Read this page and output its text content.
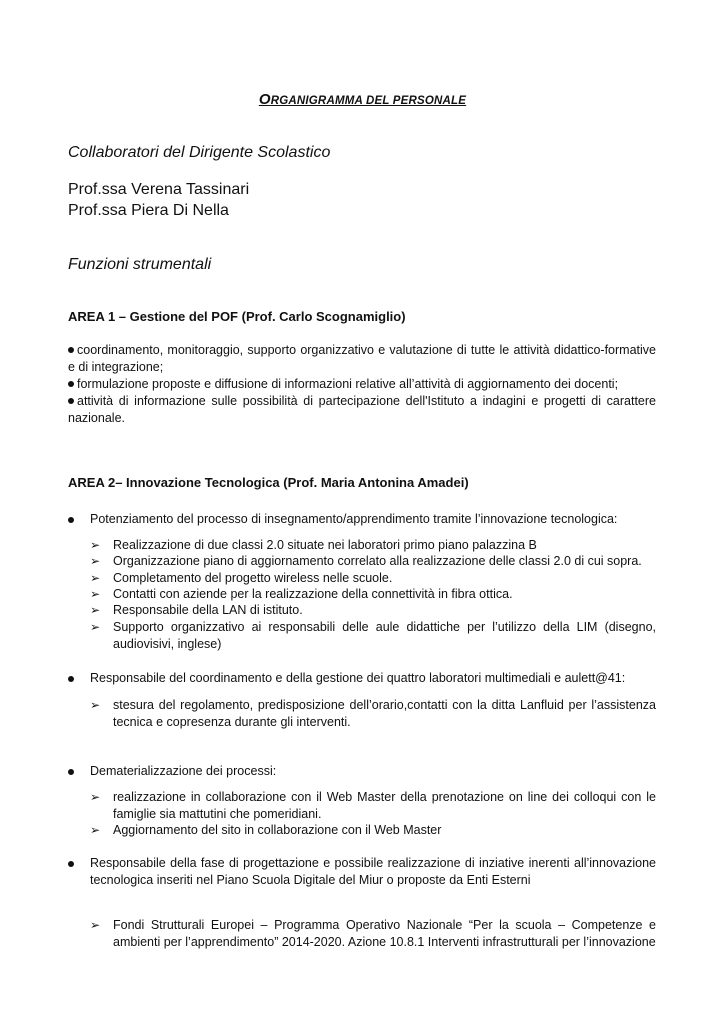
ORGANIGRAMMA DEL PERSONALE
Collaboratori del Dirigente Scolastico
Prof.ssa Verena Tassinari
Prof.ssa Piera Di Nella
Funzioni strumentali
AREA 1 – Gestione del POF (Prof. Carlo Scognamiglio)
coordinamento, monitoraggio, supporto organizzativo e valutazione di tutte le attività didattico-formative e di integrazione;
formulazione proposte e diffusione di informazioni relative all’attività di aggiornamento dei docenti;
attività di informazione sulle possibilità di partecipazione dell'Istituto a indagini e progetti di carattere nazionale.
AREA 2– Innovazione Tecnologica (Prof. Maria Antonina Amadei)
Potenziamento del processo di insegnamento/apprendimento tramite l’innovazione tecnologica:
➢ Realizzazione di due classi 2.0 situate nei laboratori primo piano palazzina B
➢ Organizzazione piano di aggiornamento correlato alla realizzazione delle classi 2.0 di cui sopra.
➢ Completamento del progetto wireless nelle scuole.
➢ Contatti con aziende per la realizzazione della connettività in fibra ottica.
➢ Responsabile della LAN di istituto.
➢ Supporto organizzativo ai responsabili delle aule didattiche per l’utilizzo della LIM (disegno, audiovisivi, inglese)
Responsabile del coordinamento e della gestione dei quattro laboratori multimediali e aulett@41:
➢ stesura del regolamento, predisposizione dell’orario,contatti con la ditta Lanfluid per l’assistenza tecnica e copresenza durante gli interventi.
Dematerializzazione dei processi:
➢ realizzazione in collaborazione con il Web Master della prenotazione on line dei colloqui con le famiglie sia mattutini che pomeridiani.
➢ Aggiornamento del sito in collaborazione con il Web Master
Responsabile della fase di progettazione e possibile realizzazione di inziative inerenti all’innovazione tecnologica inseriti nel Piano Scuola Digitale del Miur o proposte da Enti Esterni
➢ Fondi Strutturali Europei – Programma Operativo Nazionale “Per la scuola – Competenze e ambienti per l’apprendimento” 2014-2020. Azione 10.8.1 Interventi infrastrutturali per l’innovazione
